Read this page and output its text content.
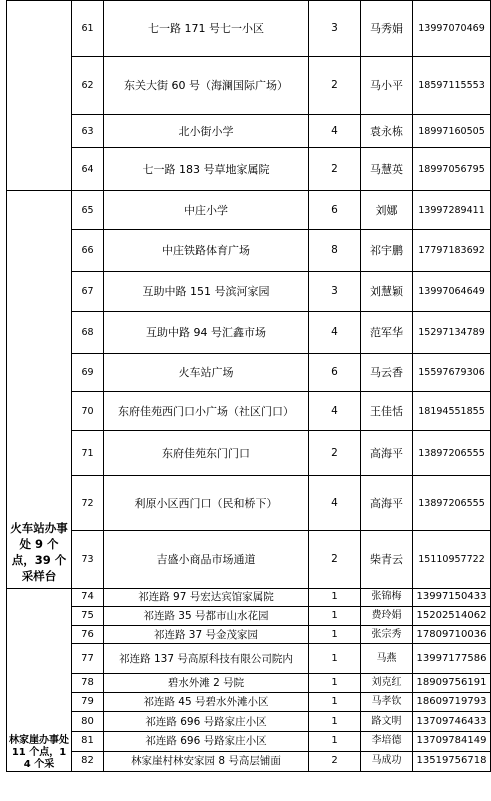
	61	七一路 171 号七一小区	3	马秀娟	13997070469
	62	东关大街 60 号（海澜国际广场）	2	马小平	18597115553
	63	北小街小学	4	袁永栋	18997160505
	64	七一路 183 号草地家属院	2	马慧英	18997056795

火车站办事处 9 个点，39 个采样台	65	中庄小学	6	刘娜	13997289411
	66	中庄铁路体育广场	8	祁宇鹏	17797183692
	67	互助中路 151 号滨河家园	3	刘慧颖	13997064649
	68	互助中路 94 号汇鑫市场	4	范军华	15297134789
	69	火车站广场	6	马云香	15597679306
	70	东府佳苑西门口小广场（社区门口）	4	王佳恬	18194551855
	71	东府佳苑东门门口	2	高海平	13897206555
	72	利原小区西门口（民和桥下）	4	高海平	13897206555
	73	吉盛小商品市场通道	2	柴青云	15110957722

林家崖办事处 11 个点，14 个采	74	祁连路 97 号宏达宾馆家属院	1	张锦梅	13997150433
	75	祁连路 35 号都市山水花园	1	费玲娟	15202514062
	76	祁连路 37 号金茂家园	1	张宗秀	17809710036
	77	祁连路 137 号高原科技有限公司院内	1	马燕	13997177586
	78	碧水外滩 2 号院	1	刘克红	18909756191
	79	祁连路 45 号碧水外滩小区	1	马孝钦	18609719793
	80	祁连路 696 号路家庄小区	1	路文明	13709746433
	81	祁连路 696 号路家庄小区	1	李培德	13709784149
	82	林家崖村林安家园 8 号高层铺面	2	马成功	13519756718
